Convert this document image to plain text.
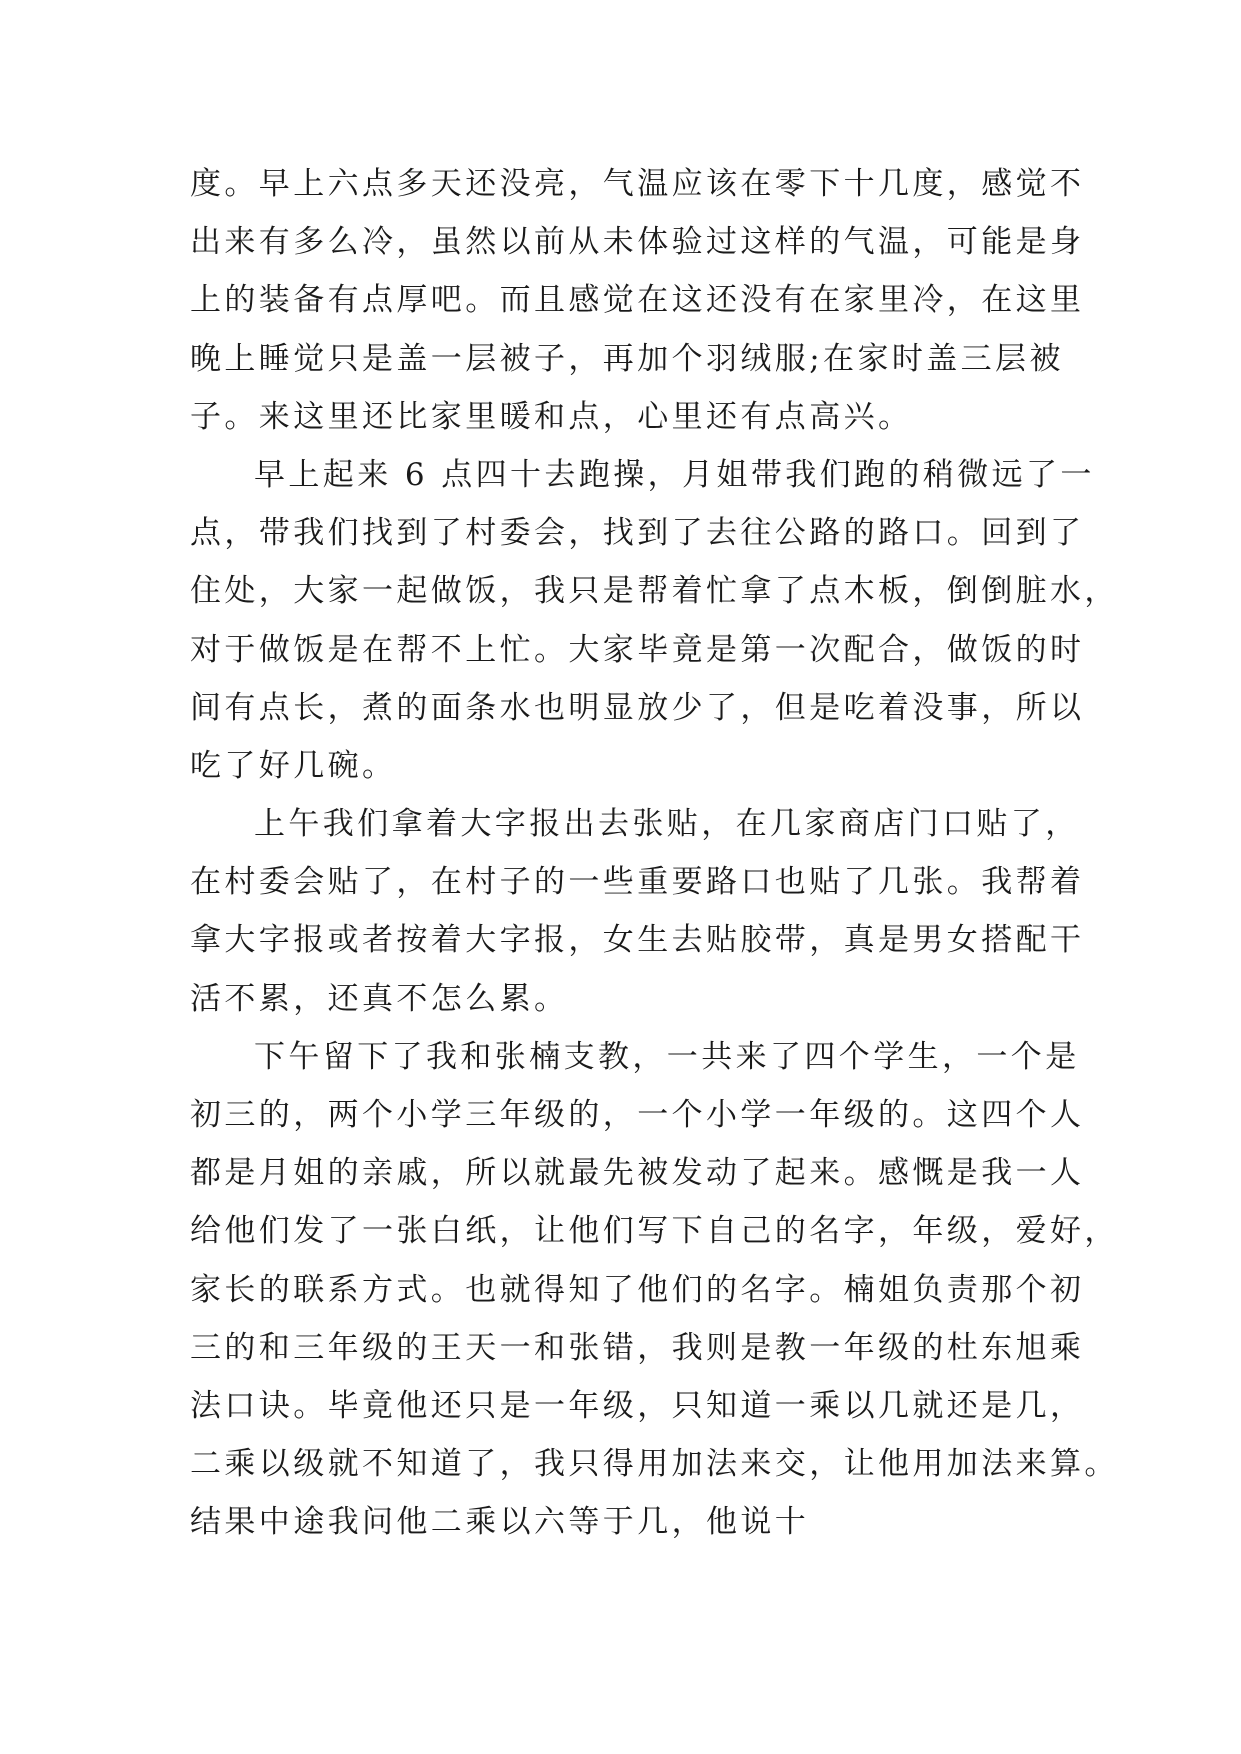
度。早上六点多天还没亮，气温应该在零下十几度，感觉不
出来有多么冷，虽然以前从未体验过这样的气温，可能是身
上的装备有点厚吧。而且感觉在这还没有在家里冷，在这里
晚上睡觉只是盖一层被子，再加个羽绒服;在家时盖三层被
子。来这里还比家里暖和点，心里还有点高兴。
早上起来 6 点四十去跑操，月姐带我们跑的稍微远了一
点，带我们找到了村委会，找到了去往公路的路口。回到了
住处，大家一起做饭，我只是帮着忙拿了点木板，倒倒脏水，
对于做饭是在帮不上忙。大家毕竟是第一次配合，做饭的时
间有点长，煮的面条水也明显放少了，但是吃着没事，所以
吃了好几碗。
上午我们拿着大字报出去张贴，在几家商店门口贴了，
在村委会贴了，在村子的一些重要路口也贴了几张。我帮着
拿大字报或者按着大字报，女生去贴胶带，真是男女搭配干
活不累，还真不怎么累。
下午留下了我和张楠支教，一共来了四个学生，一个是
初三的，两个小学三年级的，一个小学一年级的。这四个人
都是月姐的亲戚，所以就最先被发动了起来。感慨是我一人
给他们发了一张白纸，让他们写下自己的名字，年级，爱好，
家长的联系方式。也就得知了他们的名字。楠姐负责那个初
三的和三年级的王天一和张错，我则是教一年级的杜东旭乘
法口诀。毕竟他还只是一年级，只知道一乘以几就还是几，
二乘以级就不知道了，我只得用加法来交，让他用加法来算。
结果中途我问他二乘以六等于几，他说十
